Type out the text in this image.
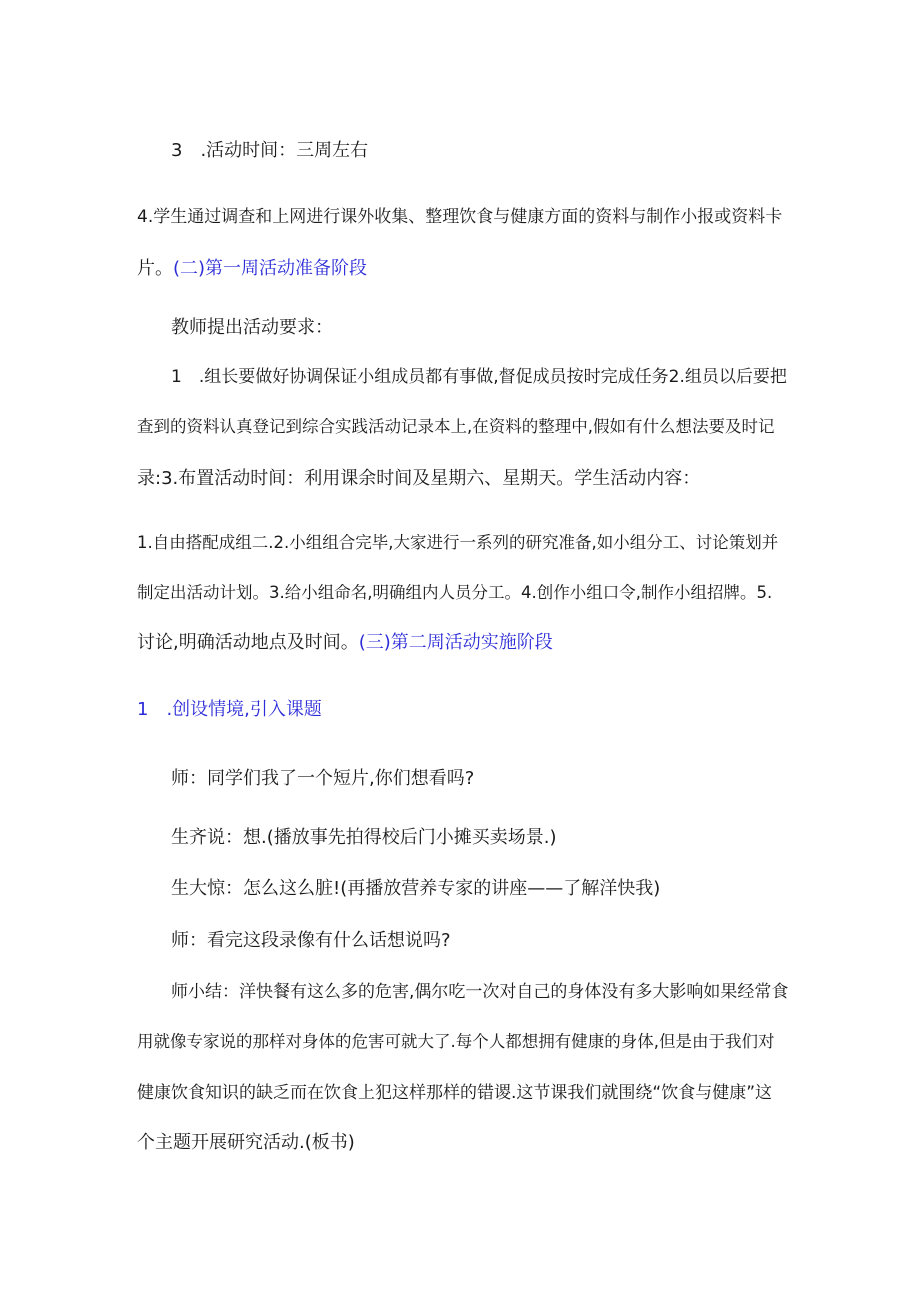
3　.活动时间：三周左右
4.学生通过调查和上网进行课外收集、整理饮食与健康方面的资料与制作小报或资料卡
片。(二)第一周活动准备阶段
教师提出活动要求：
1　.组长要做好协调保证小组成员都有事做,督促成员按时完成任务2.组员以后要把
查到的资料认真登记到综合实践活动记录本上,在资料的整理中,假如有什么想法要及时记
录:3.布置活动时间：利用课余时间及星期六、星期天。学生活动内容：
1.自由搭配成组二.2.小组组合完毕,大家进行一系列的研究准备,如小组分工、讨论策划并
制定出活动计划。3.给小组命名,明确组内人员分工。4.创作小组口令,制作小组招牌。5.
讨论,明确活动地点及时间。(三)第二周活动实施阶段
1　.创设情境,引入课题
师：同学们我了一个短片,你们想看吗?
生齐说：想.(播放事先拍得校后门小摊买卖场景.)
生大惊：怎么这么脏!(再播放营养专家的讲座——了解洋快我)
师：看完这段录像有什么话想说吗?
师小结：洋快餐有这么多的危害,偶尔吃一次对自己的身体没有多大影响如果经常食
用就像专家说的那样对身体的危害可就大了.每个人都想拥有健康的身体,但是由于我们对
健康饮食知识的缺乏而在饮食上犯这样那样的错谡.这节课我们就围绕“饮食与健康”这
个主题开展研究活动.(板书)
